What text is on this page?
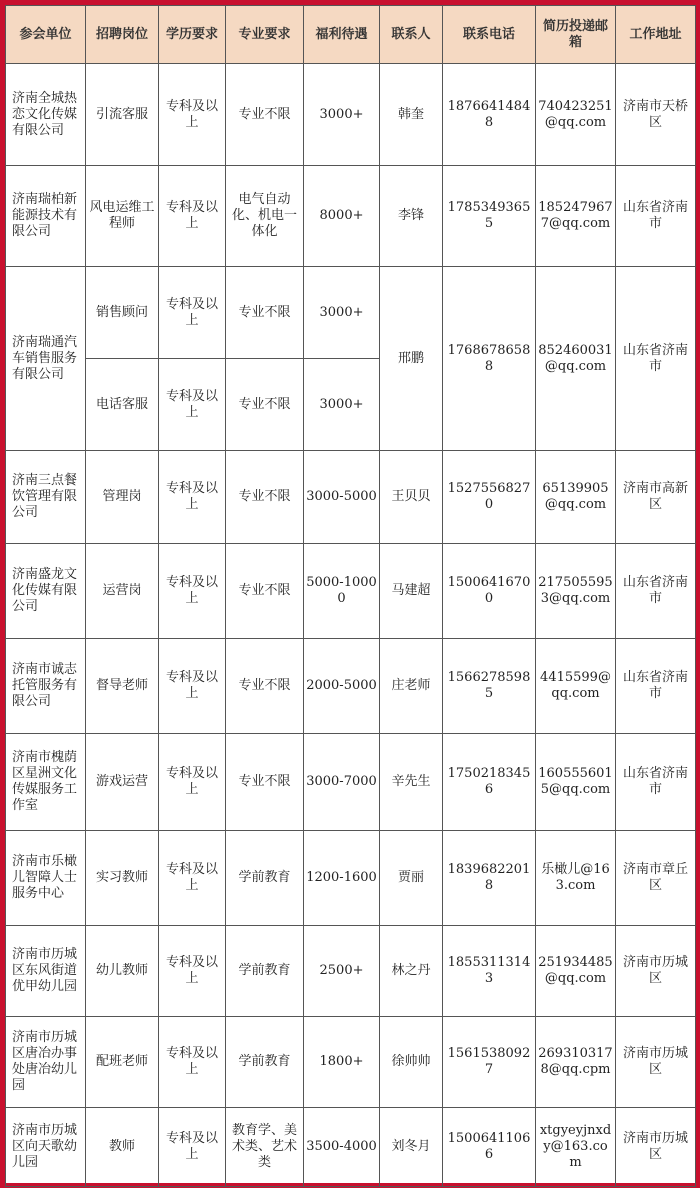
参会单位	招聘岗位	学历要求	专业要求	福利待遇	联系人	联系电话	简历投递邮箱	工作地址
济南全城热恋文化传媒有限公司	引流客服	专科及以上	专业不限	3000+	韩奎	18766414848	740423251@qq.com	济南市天桥区
济南瑞柏新能源技术有限公司	风电运维工程师	专科及以上	电气自动化、机电一体化	8000+	李锋	17853493655	1852479677@qq.com	山东省济南市
济南瑞通汽车销售服务有限公司	销售顾问	专科及以上	专业不限	3000+	邢鹏	17686786588	852460031@qq.com	山东省济南市
	电话客服	专科及以上	专业不限	3000+				
济南三点餐饮管理有限公司	管理岗	专科及以上	专业不限	3000-5000	王贝贝	15275568270	65139905@qq.com	济南市高新区
济南盛龙文化传媒有限公司	运营岗	专科及以上	专业不限	5000-10000	马建超	15006416700	2175055953@qq.com	山东省济南市
济南市诚志托管服务有限公司	督导老师	专科及以上	专业不限	2000-5000	庄老师	15662785985	4415599@qq.com	山东省济南市
济南市槐荫区星洲文化传媒服务工作室	游戏运营	专科及以上	专业不限	3000-7000	辛先生	17502183456	1605556015@qq.com	山东省济南市
济南市乐橄儿智障人士服务中心	实习教师	专科及以上	学前教育	1200-1600	贾丽	18396822018	乐橄儿@163.com	济南市章丘区
济南市历城区东风街道优甲幼儿园	幼儿教师	专科及以上	学前教育	2500+	林之丹	18553113143	251934485@qq.com	济南市历城区
济南市历城区唐冶办事处唐冶幼儿园	配班老师	专科及以上	学前教育	1800+	徐帅帅	15615380927	2693103178@qq.cpm	济南市历城区
济南市历城区向天歌幼儿园	教师	专科及以上	教育学、美术类、艺术类	3500-4000	刘冬月	15006411066	xtgyeyjnxdy@163.com	济南市历城区
